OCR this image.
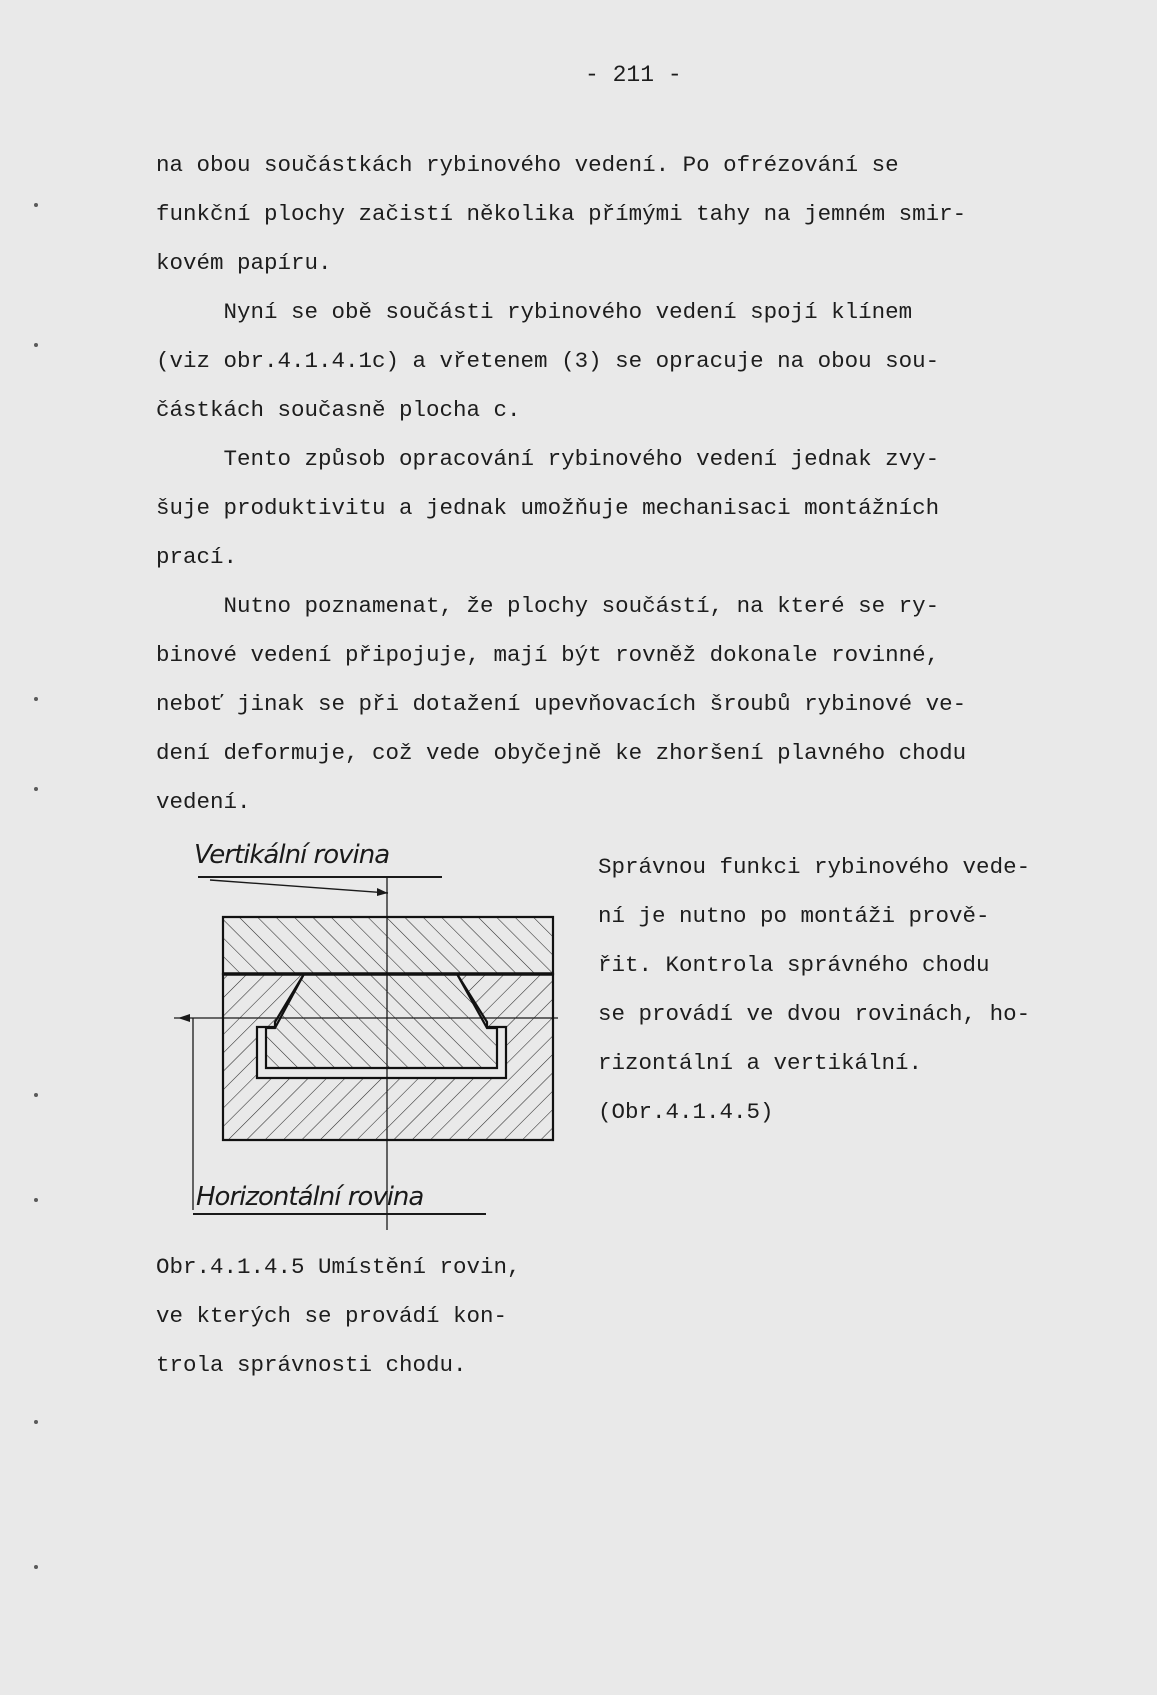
- 211 -
na obou součástkách rybinového vedení. Po ofrézování se
funkční plochy začistí několika přímými tahy na jemném smir-
kovém papíru.
Nyní se obě součásti rybinového vedení spojí klínem
(viz obr.4.1.4.1c) a vřetenem (3) se opracuje na obou sou-
částkách současně plocha c.
Tento způsob opracování rybinového vedení jednak zvy-
šuje produktivitu a jednak umožňuje mechanisaci montážních
prací.
Nutno poznamenat, že plochy součástí, na které se ry-
binové vedení připojuje, mají být rovněž dokonale rovinné,
neboť jinak se při dotažení upevňovacích šroubů rybinové ve-
dení deformuje, což vede obyčejně ke zhoršení plavného chodu
vedení.
Vertikální rovina
Horizontální rovina
Správnou funkci rybinového vede-
ní je nutno po montáži prově-
řit. Kontrola správného chodu
se provádí ve dvou rovinách, ho-
rizontální a vertikální.
(Obr.4.1.4.5)
Obr.4.1.4.5 Umístění rovin,
ve kterých se provádí kon-
trola správnosti chodu.
